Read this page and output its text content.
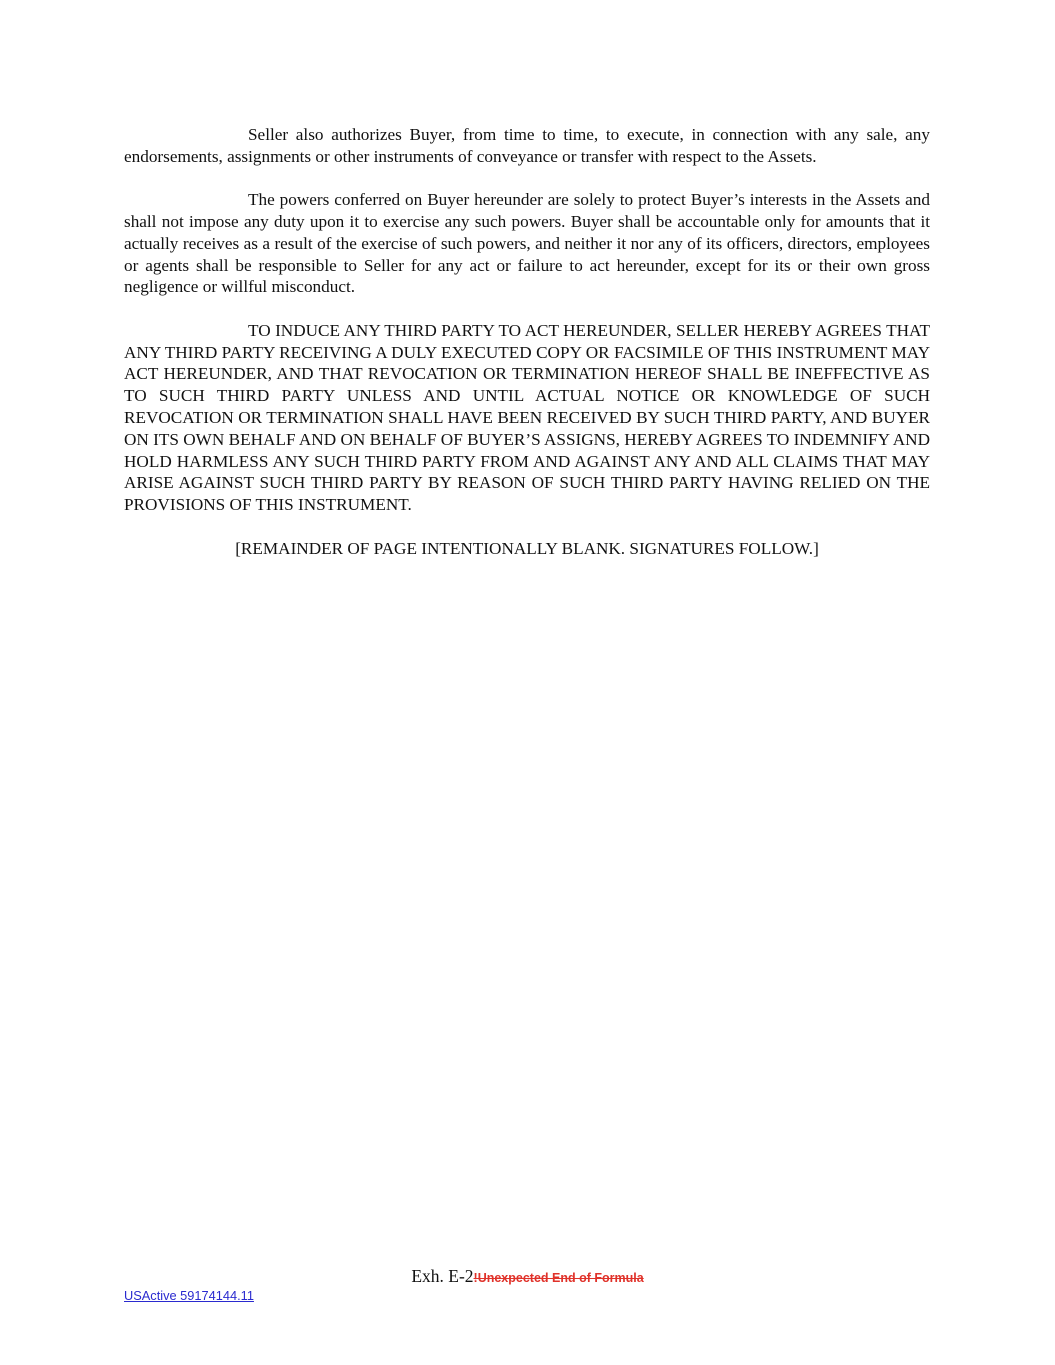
Seller also authorizes Buyer, from time to time, to execute, in connection with any sale, any endorsements, assignments or other instruments of conveyance or transfer with respect to the Assets.

The powers conferred on Buyer hereunder are solely to protect Buyer’s interests in the Assets and shall not impose any duty upon it to exercise any such powers. Buyer shall be accountable only for amounts that it actually receives as a result of the exercise of such powers, and neither it nor any of its officers, directors, employees or agents shall be responsible to Seller for any act or failure to act hereunder, except for its or their own gross negligence or willful misconduct.

TO INDUCE ANY THIRD PARTY TO ACT HEREUNDER, SELLER HEREBY AGREES THAT ANY THIRD PARTY RECEIVING A DULY EXECUTED COPY OR FACSIMILE OF THIS INSTRUMENT MAY ACT HEREUNDER, AND THAT REVOCATION OR TERMINATION HEREOF SHALL BE INEFFECTIVE AS TO SUCH THIRD PARTY UNLESS AND UNTIL ACTUAL NOTICE OR KNOWLEDGE OF SUCH REVOCATION OR TERMINATION SHALL HAVE BEEN RECEIVED BY SUCH THIRD PARTY, AND BUYER ON ITS OWN BEHALF AND ON BEHALF OF BUYER’S ASSIGNS, HEREBY AGREES TO INDEMNIFY AND HOLD HARMLESS ANY SUCH THIRD PARTY FROM AND AGAINST ANY AND ALL CLAIMS THAT MAY ARISE AGAINST SUCH THIRD PARTY BY REASON OF SUCH THIRD PARTY HAVING RELIED ON THE PROVISIONS OF THIS INSTRUMENT.

[REMAINDER OF PAGE INTENTIONALLY BLANK. SIGNATURES FOLLOW.]

Exh. E-2!Unexpected End of Formula
USActive 59174144.11
